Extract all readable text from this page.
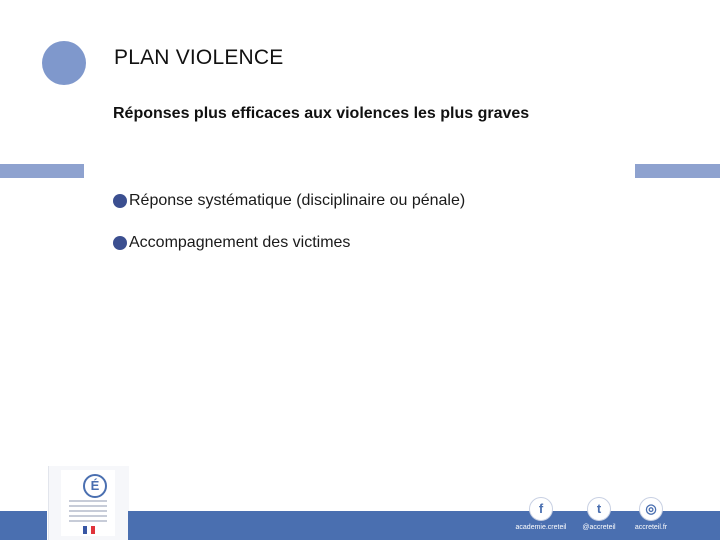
PLAN VIOLENCE
Réponses plus efficaces aux violences les plus graves
Réponse systématique (disciplinaire ou pénale)
Accompagnement des victimes
É
f
academie.creteil
t
@accreteil
◎
accreteil.fr
